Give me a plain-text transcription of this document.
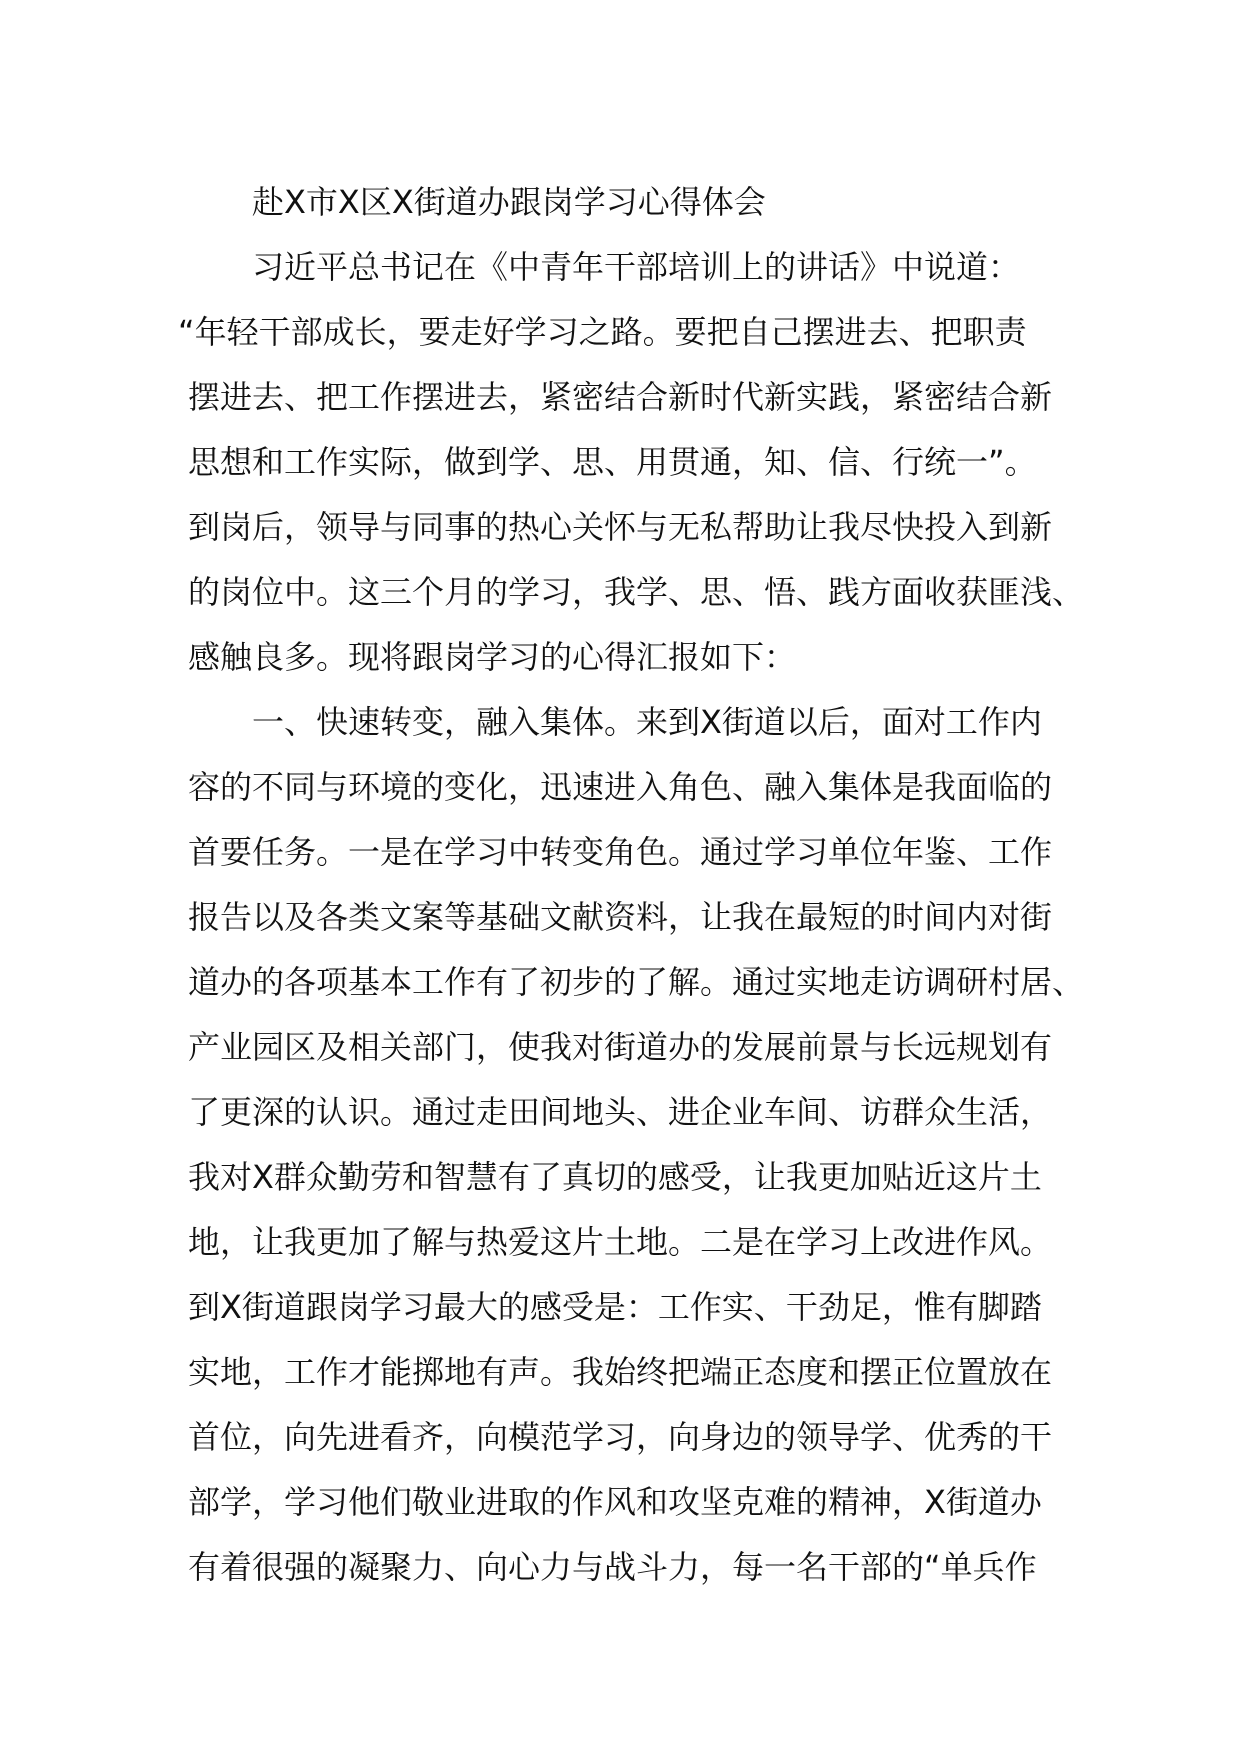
赴X市X区X街道办跟岗学习心得体会
习近平总书记在《中青年干部培训上的讲话》中说道：
“年轻干部成长，要走好学习之路。要把自己摆进去、把职责
摆进去、把工作摆进去，紧密结合新时代新实践，紧密结合新
思想和工作实际，做到学、思、用贯通，知、信、行统一”。
到岗后，领导与同事的热心关怀与无私帮助让我尽快投入到新
的岗位中。这三个月的学习，我学、思、悟、践方面收获匪浅、
感触良多。现将跟岗学习的心得汇报如下：
一、快速转变，融入集体。来到X街道以后，面对工作内
容的不同与环境的变化，迅速进入角色、融入集体是我面临的
首要任务。一是在学习中转变角色。通过学习单位年鉴、工作
报告以及各类文案等基础文献资料，让我在最短的时间内对街
道办的各项基本工作有了初步的了解。通过实地走访调研村居、
产业园区及相关部门，使我对街道办的发展前景与长远规划有
了更深的认识。通过走田间地头、进企业车间、访群众生活，
我对X群众勤劳和智慧有了真切的感受，让我更加贴近这片土
地，让我更加了解与热爱这片土地。二是在学习上改进作风。
到X街道跟岗学习最大的感受是：工作实、干劲足，惟有脚踏
实地，工作才能掷地有声。我始终把端正态度和摆正位置放在
首位，向先进看齐，向模范学习，向身边的领导学、优秀的干
部学，学习他们敬业进取的作风和攻坚克难的精神，X街道办
有着很强的凝聚力、向心力与战斗力，每一名干部的“单兵作
